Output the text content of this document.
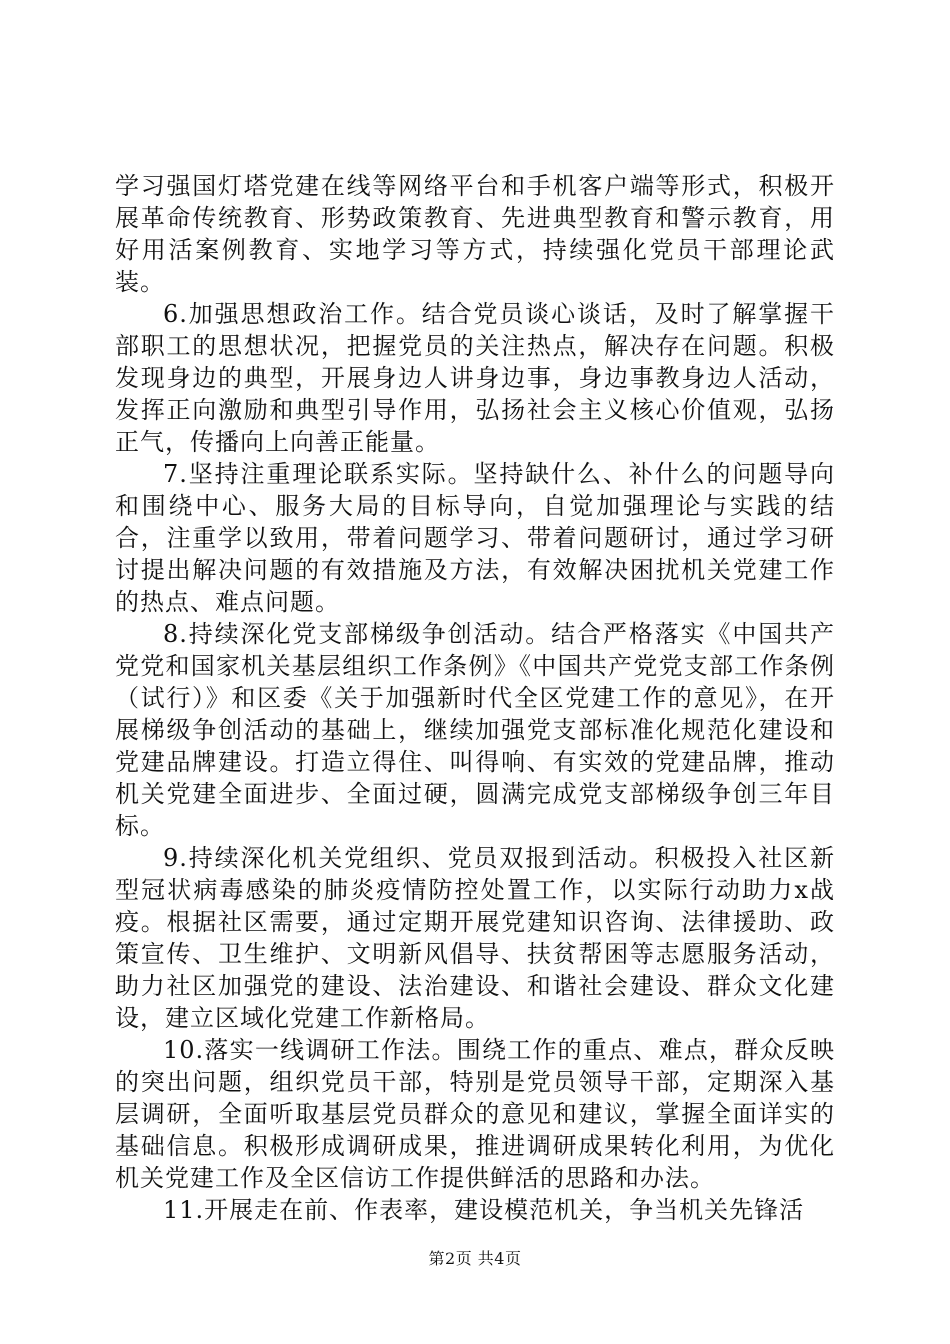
学习强国灯塔党建在线等网络平台和手机客户端等形式，积极开展革命传统教育、形势政策教育、先进典型教育和警示教育，用好用活案例教育、实地学习等方式，持续强化党员干部理论武装。

6.加强思想政治工作。结合党员谈心谈话，及时了解掌握干部职工的思想状况，把握党员的关注热点，解决存在问题。积极发现身边的典型，开展身边人讲身边事，身边事教身边人活动，发挥正向激励和典型引导作用，弘扬社会主义核心价值观，弘扬正气，传播向上向善正能量。

7.坚持注重理论联系实际。坚持缺什么、补什么的问题导向和围绕中心、服务大局的目标导向，自觉加强理论与实践的结合，注重学以致用，带着问题学习、带着问题研讨，通过学习研讨提出解决问题的有效措施及方法，有效解决困扰机关党建工作的热点、难点问题。

8.持续深化党支部梯级争创活动。结合严格落实《中国共产党党和国家机关基层组织工作条例》《中国共产党党支部工作条例（试行）》和区委《关于加强新时代全区党建工作的意见》，在开展梯级争创活动的基础上，继续加强党支部标准化规范化建设和党建品牌建设。打造立得住、叫得响、有实效的党建品牌，推动机关党建全面进步、全面过硬，圆满完成党支部梯级争创三年目标。

9.持续深化机关党组织、党员双报到活动。积极投入社区新型冠状病毒感染的肺炎疫情防控处置工作，以实际行动助力x战疫。根据社区需要，通过定期开展党建知识咨询、法律援助、政策宣传、卫生维护、文明新风倡导、扶贫帮困等志愿服务活动，助力社区加强党的建设、法治建设、和谐社会建设、群众文化建设，建立区域化党建工作新格局。

10.落实一线调研工作法。围绕工作的重点、难点，群众反映的突出问题，组织党员干部，特别是党员领导干部，定期深入基层调研，全面听取基层党员群众的意见和建议，掌握全面详实的基础信息。积极形成调研成果，推进调研成果转化利用，为优化机关党建工作及全区信访工作提供鲜活的思路和办法。

11.开展走在前、作表率，建设模范机关，争当机关先锋活

第2页 共4页
